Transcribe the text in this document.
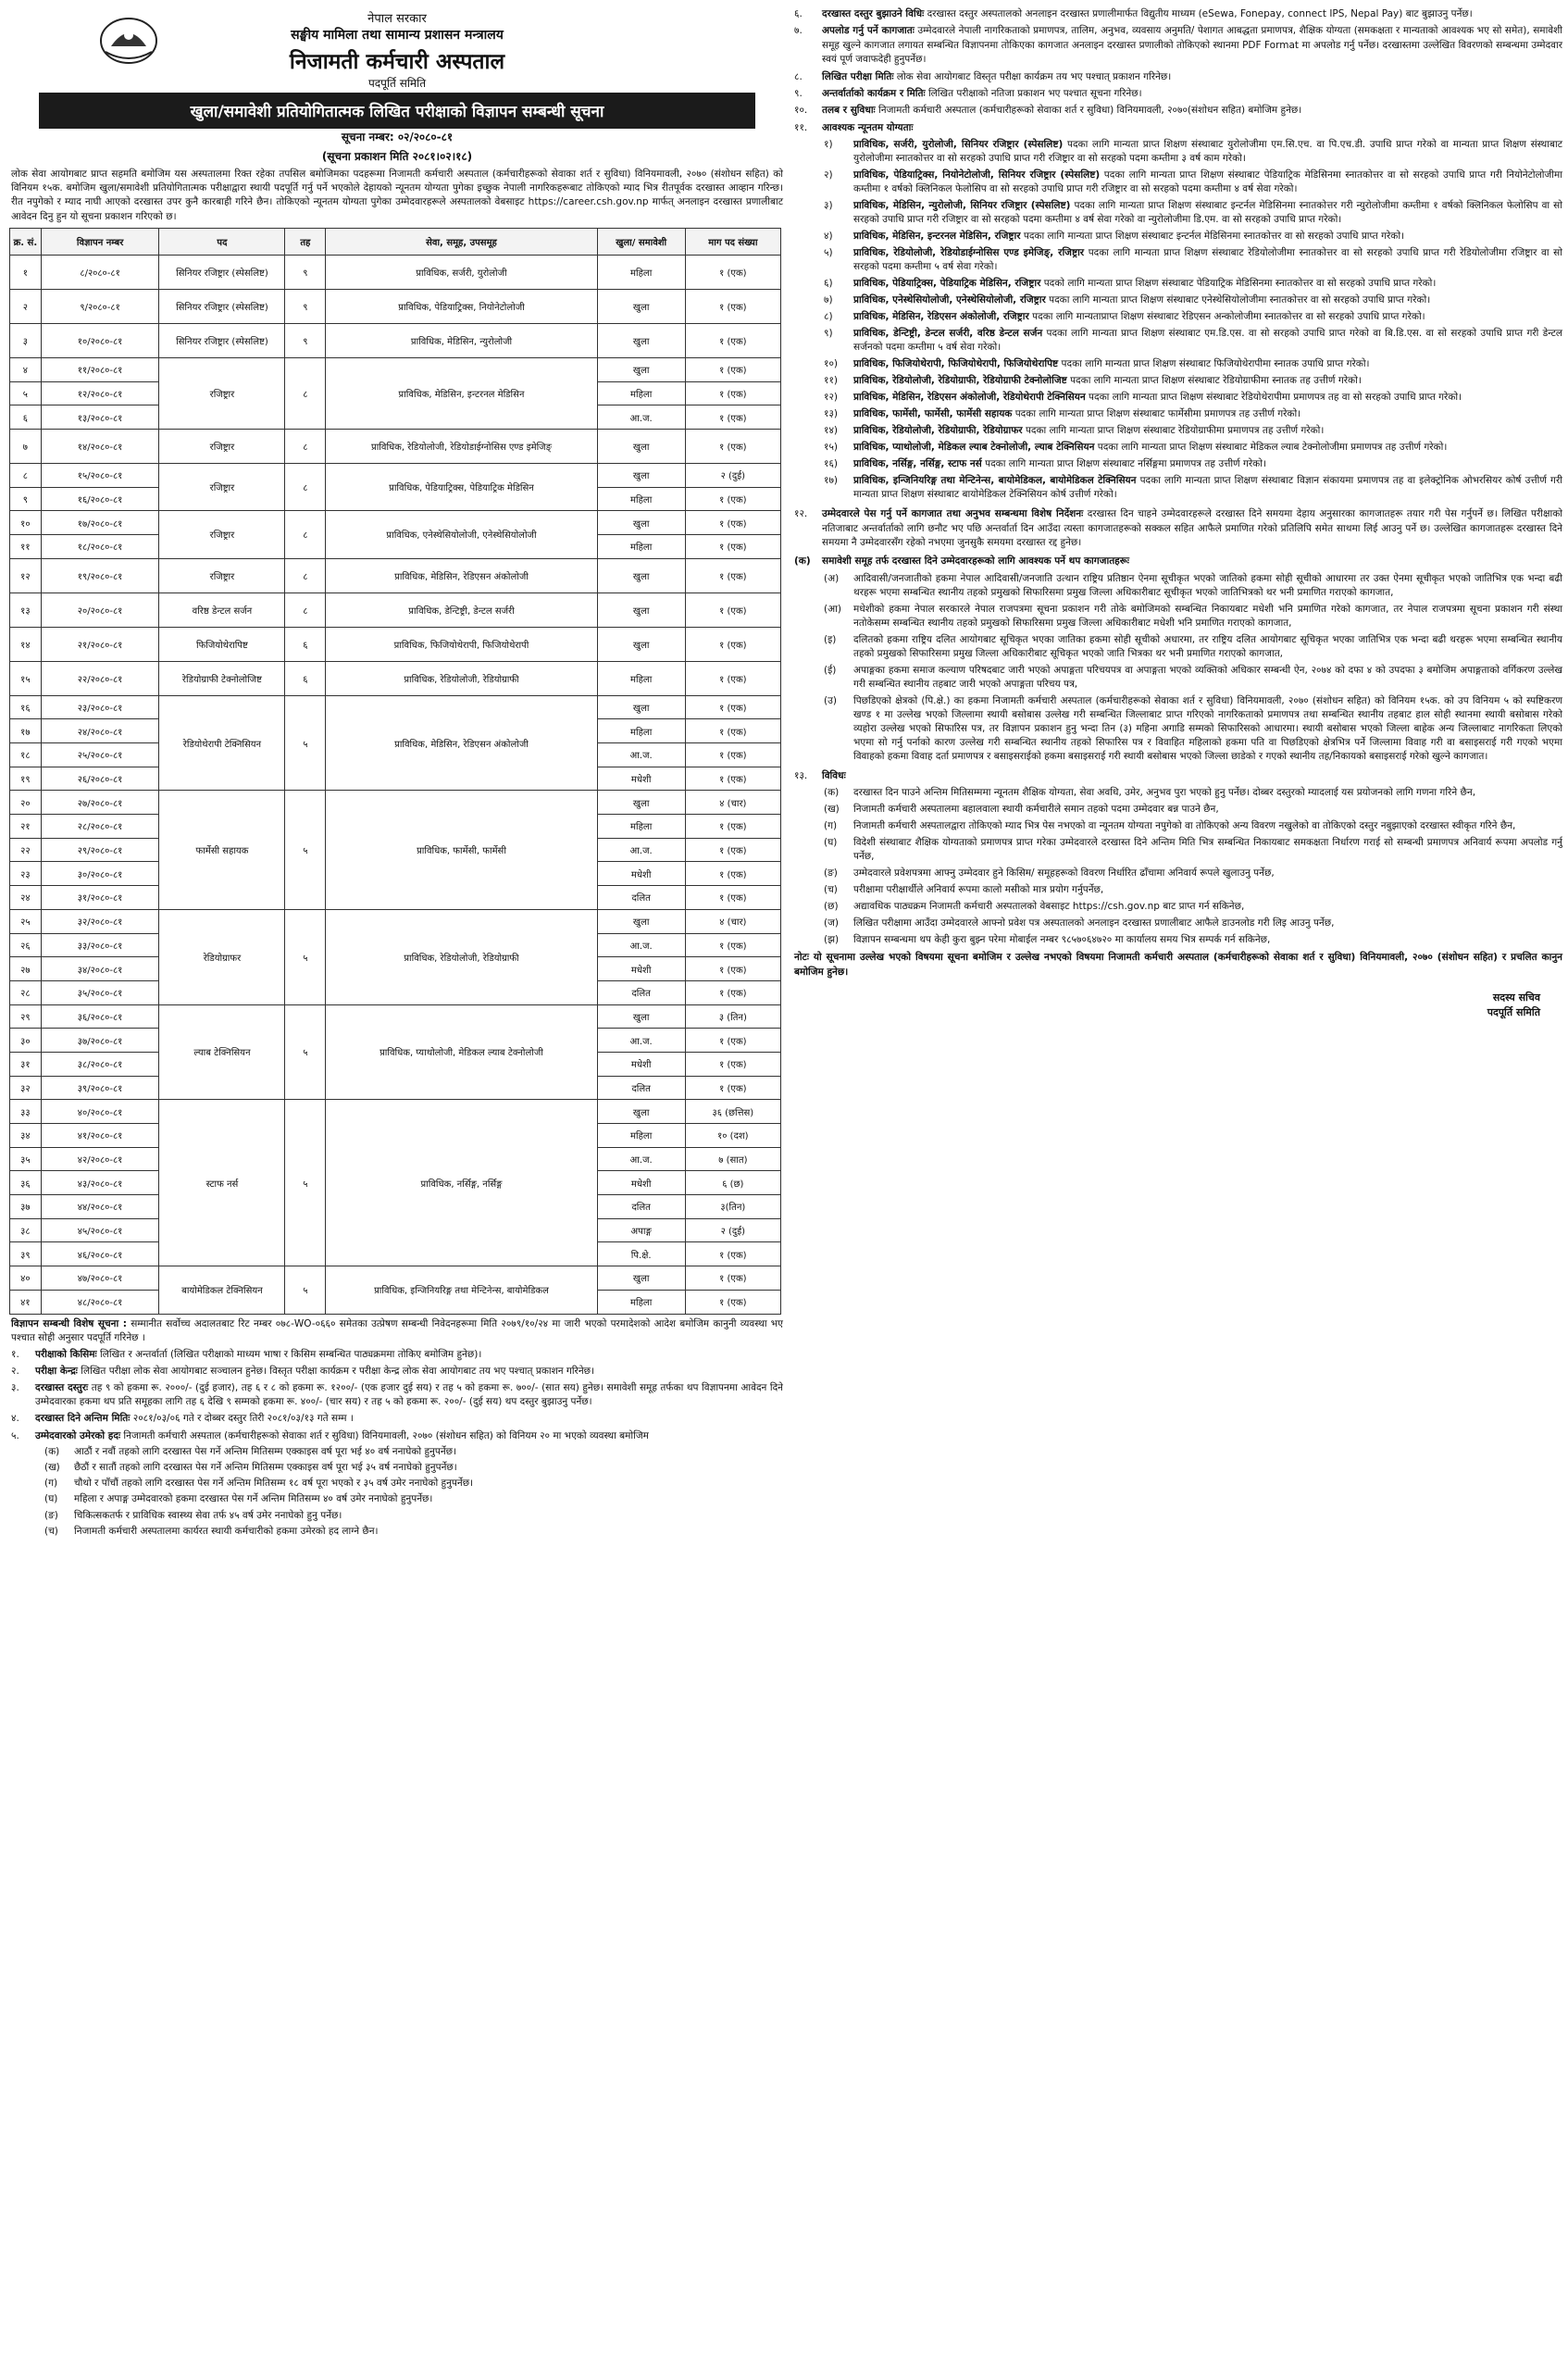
नेपाल सरकार
सङ्घीय मामिला तथा सामान्य प्रशासन मन्त्रालय
निजामती कर्मचारी अस्पताल
पदपूर्ति समिति
खुला/समावेशी प्रतियोगितात्मक लिखित परीक्षाको विज्ञापन सम्बन्धी सूचना
सूचना नम्बर: ०२/२०८०-८१
(सूचना प्रकाशन मिति २०८१।०२।१८)
लोक सेवा आयोगबाट प्राप्त सहमति बमोजिम यस अस्पतालमा रिक्त रहेका तपसिल बमोजिमका पदहरूमा निजामती कर्मचारी अस्पताल (कर्मचारीहरूको सेवाका शर्त र सुविधा) विनियमावली, २०७० (संशोधन सहित) को विनियम १५क. बमोजिम खुला/समावेशी प्रतियोगितात्मक परीक्षाद्वारा स्थायी पदपूर्ति गर्नु पर्ने भएकोले देहायको न्यूनतम योग्यता पुगेका इच्छुक नेपाली नागरिकहरूबाट तोकिएको म्याद भित्र रीतपूर्वक दरखास्त आव्हान गरिन्छ। रीत नपुगेको र म्याद नाघी आएको दरखास्त उपर कुनै कारबाही गरिने छैन। तोकिएको न्यूनतम योग्यता पुगेका उम्मेदवारहरूले अस्पतालको वेबसाइट https://career.csh.gov.np मार्फत् अनलाइन दरखास्त प्रणालीबाट आवेदन दिनु हुन यो सूचना प्रकाशन गरिएको छ।
क्र. सं.	विज्ञापन नम्बर	पद	तह	सेवा, समूह, उपसमूह	खुला/ समावेशी	माग पद संख्या
१	८/२०८०-८१	सिनियर रजिष्ट्रार (स्पेसलिष्ट)	९	प्राविधिक, सर्जरी, युरोलोजी	महिला	१ (एक)
२	९/२०८०-८१	सिनियर रजिष्ट्रार (स्पेसलिष्ट)	९	प्राविधिक, पेडियाट्रिक्स, नियोनेटोलोजी	खुला	१ (एक)
३	१०/२०८०-८१	सिनियर रजिष्ट्रार (स्पेसलिष्ट)	९	प्राविधिक, मेडिसिन, न्युरोलोजी	खुला	१ (एक)
४	११/२०८०-८१	रजिष्ट्रार	८	प्राविधिक, मेडिसिन, इन्टरनल मेडिसिन	खुला	१ (एक)
५	१२/२०८०-८१				महिला	१ (एक)
६	१३/२०८०-८१				आ.ज.	१ (एक)
७	१४/२०८०-८१	रजिष्ट्रार	८	प्राविधिक, रेडियोलोजी, रेडियोडाईग्नोसिस एण्ड इमेजिङ्	खुला	१ (एक)
८	१५/२०८०-८१	रजिष्ट्रार	८	प्राविधिक, पेडियाट्रिक्स, पेडियाट्रिक मेडिसिन	खुला	२ (दुई)
९	१६/२०८०-८१				महिला	१ (एक)
१०	१७/२०८०-८१	रजिष्ट्रार	८	प्राविधिक, एनेस्थेसियोलोजी, एनेस्थेसियोलोजी	खुला	१ (एक)
११	१८/२०८०-८१				महिला	१ (एक)
१२	१९/२०८०-८१	रजिष्ट्रार	८	प्राविधिक, मेडिसिन, रेडिएसन अंकोलोजी	खुला	१ (एक)
१३	२०/२०८०-८१	वरिष्ठ डेन्टल सर्जन	८	प्राविधिक, डेन्टिष्ट्री, डेन्टल सर्जरी	खुला	१ (एक)
१४	२१/२०८०-८१	फिजियोथेरापिष्ट	६	प्राविधिक, फिजियोथेरापी, फिजियोथेरापी	खुला	१ (एक)
१५	२२/२०८०-८१	रेडियोग्राफी टेक्नोलोजिष्ट	६	प्राविधिक, रेडियोलोजी, रेडियोग्राफी	महिला	१ (एक)
१६	२३/२०८०-८१	रेडियोथेरापी टेक्निसियन	५	प्राविधिक, मेडिसिन, रेडिएसन अंकोलोजी	खुला	१ (एक)
१७	२४/२०८०-८१				महिला	१ (एक)
१८	२५/२०८०-८१				आ.ज.	१ (एक)
१९	२६/२०८०-८१				मधेशी	१ (एक)
२०	२७/२०८०-८१	फार्मेसी सहायक	५	प्राविधिक, फार्मेसी, फार्मेसी	खुला	४ (चार)
२१	२८/२०८०-८१				महिला	१ (एक)
२२	२९/२०८०-८१				आ.ज.	१ (एक)
२३	३०/२०८०-८१				मधेशी	१ (एक)
२४	३१/२०८०-८१				दलित	१ (एक)
२५	३२/२०८०-८१	रेडियोग्राफर	५	प्राविधिक, रेडियोलोजी, रेडियोग्राफी	खुला	४ (चार)
२६	३३/२०८०-८१				आ.ज.	१ (एक)
२७	३४/२०८०-८१				मधेशी	१ (एक)
२८	३५/२०८०-८१				दलित	१ (एक)
२९	३६/२०८०-८१	ल्याब टेक्निसियन	५	प्राविधिक, प्याथोलोजी, मेडिकल ल्याब टेक्नोलोजी	खुला	३ (तिन)
३०	३७/२०८०-८१				आ.ज.	१ (एक)
३१	३८/२०८०-८१				मधेशी	१ (एक)
३२	३९/२०८०-८१				दलित	१ (एक)
३३	४०/२०८०-८१	स्टाफ नर्स	५	प्राविधिक, नर्सिङ्ग, नर्सिङ्ग	खुला	३६ (छत्तिस)
३४	४१/२०८०-८१				महिला	१० (दश)
३५	४२/२०८०-८१				आ.ज.	७ (सात)
३६	४३/२०८०-८१				मधेशी	६ (छ)
३७	४४/२०८०-८१				दलित	३(तिन)
३८	४५/२०८०-८१				अपाङ्ग	२ (दुई)
३९	४६/२०८०-८१				पि.क्षे.	१ (एक)
४०	४७/२०८०-८१	बायोमेडिकल टेक्निसियन	५	प्राविधिक, इन्जिनियरिङ्ग तथा मेन्टिनेन्स, बायोमेडिकल	खुला	१ (एक)
४१	४८/२०८०-८१				महिला	१ (एक)
विज्ञापन सम्बन्धी विशेष सूचना : सम्मानीत सर्वोच्च अदालतबाट रिट नम्बर ०७८-WO-०६६० समेतका उत्प्रेषण सम्बन्धी निवेदनहरूमा मिति २०७९/१०/२४ मा जारी भएको परमादेशको आदेश बमोजिम कानुनी व्यवस्था भए पश्चात सोही अनुसार पदपूर्ति गरिनेछ ।
१.	परीक्षाको किसिमः लिखित र अन्तर्वार्ता (लिखित परीक्षाको माध्यम भाषा र किसिम सम्बन्धित पाठ्यक्रममा तोकिए बमोजिम हुनेछ)।
२.	परीक्षा केन्द्रः लिखित परीक्षा लोक सेवा आयोगबाट सञ्चालन हुनेछ। विस्तृत परीक्षा कार्यक्रम र परीक्षा केन्द्र लोक सेवा आयोगबाट तय भए पश्चात् प्रकाशन गरिनेछ।
३.	दरखास्त दस्तुरः तह ९ को हकमा रू. २०००/- (दुई हजार), तह ६ र ८ को हकमा रू. १२००/- (एक हजार दुई सय) र तह ५ को हकमा रू. ७००/- (सात सय) हुनेछ। समावेशी समूह तर्फका थप विज्ञापनमा आवेदन दिने उम्मेदवारका हकमा थप प्रति समूहका लागि तह ६ देखि ९ सम्मको हकमा रू. ४००/- (चार सय) र तह ५ को हकमा रू. २००/- (दुई सय) थप दस्तुर बुझाउनु पर्नेछ।
४.	दरखास्त दिने अन्तिम मितिः २०८१/०३/०६ गते र दोब्बर दस्तुर तिरी २०८१/०३/१३ गते सम्म ।
५.	उम्मेदवारको उमेरको हदः निजामती कर्मचारी अस्पताल (कर्मचारीहरूको सेवाका शर्त र सुविधा) विनियमावली, २०७० (संशोधन सहित) को विनियम २० मा भएको व्यवस्था बमोजिम
(क)	आठौं र नवौं तहको लागि दरखास्त पेस गर्ने अन्तिम मितिसम्म एक्काइस वर्ष पूरा भई ४० वर्ष ननाघेको हुनुपर्नेछ।
(ख)	छैठौं र सातौं तहको लागि दरखास्त पेस गर्ने अन्तिम मितिसम्म एक्काइस वर्ष पूरा भई ३५ वर्ष ननाघेको हुनुपर्नेछ।
(ग)	चौथो र पाँचौं तहको लागि दरखास्त पेस गर्ने अन्तिम मितिसम्म १८ वर्ष पूरा भएको र ३५ वर्ष उमेर ननाघेको हुनुपर्नेछ।
(घ)	महिला र अपाङ्ग उम्मेदवारको हकमा दरखास्त पेस गर्ने अन्तिम मितिसम्म ४० वर्ष उमेर ननाघेको हुनुपर्नेछ।
(ङ)	चिकित्सकतर्फ र प्राविधिक स्वास्थ्य सेवा तर्फ ४५ वर्ष उमेर ननाघेको हुनु पर्नेछ।
(च)	निजामती कर्मचारी अस्पतालमा कार्यरत स्थायी कर्मचारीको हकमा उमेरको हद लाग्ने छैन।
६.	दरखास्त दस्तुर बुझाउने विधिः दरखास्त दस्तुर अस्पतालको अनलाइन दरखास्त प्रणालीमार्फत विद्युतीय माध्यम (eSewa, Fonepay, connect IPS, Nepal Pay) बाट बुझाउनु पर्नेछ।
७.	अपलोड गर्नु पर्ने कागजातः उम्मेदवारले नेपाली नागरिकताको प्रमाणपत्र, तालिम, अनुभव, व्यवसाय अनुमति/ पेशागत आबद्धता प्रमाणपत्र, शैक्षिक योग्यता (समकक्षता र मान्यताको आवश्यक भए सो समेत), समावेशी समूह खुल्ने कागजात लगायत सम्बन्धित विज्ञापनमा तोकिएका कागजात अनलाइन दरखास्त प्रणालीको तोकिएको स्थानमा PDF Format मा अपलोड गर्नु पर्नेछ। दरखास्तमा उल्लेखित विवरणको सम्बन्धमा उम्मेदवार स्वयं पूर्ण जवाफदेही हुनुपर्नेछ।
८.	लिखित परीक्षा मितिः लोक सेवा आयोगबाट विस्तृत परीक्षा कार्यक्रम तय भए पश्चात् प्रकाशन गरिनेछ।
९.	अन्तर्वार्ताको कार्यक्रम र मितिः लिखित परीक्षाको नतिजा प्रकाशन भए पश्चात सूचना गरिनेछ।
१०.	तलब र सुविधाः निजामती कर्मचारी अस्पताल (कर्मचारीहरूको सेवाका शर्त र सुविधा) विनियमावली, २०७०(संशोधन सहित) बमोजिम हुनेछ।
११.	आवश्यक न्यूनतम योग्यताः
१)	प्राविधिक, सर्जरी, युरोलोजी, सिनियर रजिष्ट्रार (स्पेसलिष्ट) पदका लागि मान्यता प्राप्त शिक्षण संस्थाबाट युरोलोजीमा एम.सि.एच. वा पि.एच.डी. उपाधि प्राप्त गरेको वा मान्यता प्राप्त शिक्षण संस्थाबाट युरोलोजीमा स्नातकोत्तर वा सो सरहको उपाधि प्राप्त गरी रजिष्ट्रार वा सो सरहको पदमा कम्तीमा ३ वर्ष काम गरेको।
२)	प्राविधिक, पेडियाट्रिक्स, नियोनेटोलोजी, सिनियर रजिष्ट्रार (स्पेसलिष्ट) पदका लागि मान्यता प्राप्त शिक्षण संस्थाबाट पेडियाट्रिक मेडिसिनमा स्नातकोत्तर वा सो सरहको उपाधि प्राप्त गरी नियोनेटोलोजीमा कम्तीमा १ वर्षको क्लिनिकल फेलोसिप वा सो सरहको उपाधि प्राप्त गरी रजिष्ट्रार वा सो सरहको पदमा कम्तीमा ४ वर्ष सेवा गरेको।
३)	प्राविधिक, मेडिसिन, न्युरोलोजी, सिनियर रजिष्ट्रार (स्पेसलिष्ट) पदका लागि मान्यता प्राप्त शिक्षण संस्थाबाट इन्टर्नल मेडिसिनमा स्नातकोत्तर गरी न्युरोलोजीमा कम्तीमा १ वर्षको क्लिनिकल फेलोसिप वा सो सरहको उपाधि प्राप्त गरी रजिष्ट्रार वा सो सरहको पदमा कम्तीमा ४ वर्ष सेवा गरेको वा न्युरोलोजीमा डि.एम. वा सो सरहको उपाधि प्राप्त गरेको।
४)	प्राविधिक, मेडिसिन, इन्टरनल मेडिसिन, रजिष्ट्रार पदका लागि मान्यता प्राप्त शिक्षण संस्थाबाट इन्टर्नल मेडिसिनमा स्नातकोत्तर वा सो सरहको उपाधि प्राप्त गरेको।
५)	प्राविधिक, रेडियोलोजी, रेडियोडाईग्नोसिस एण्ड इमेजिङ्, रजिष्ट्रार पदका लागि मान्यता प्राप्त शिक्षण संस्थाबाट रेडियोलोजीमा स्नातकोत्तर वा सो सरहको उपाधि प्राप्त गरी रेडियोलोजीमा रजिष्ट्रार वा सो सरहको पदमा कम्तीमा ५ वर्ष सेवा गरेको।
६)	प्राविधिक, पेडियाट्रिक्स, पेडियाट्रिक मेडिसिन, रजिष्ट्रार पदको लागि मान्यता प्राप्त शिक्षण संस्थाबाट पेडियाट्रिक मेडिसिनमा स्नातकोत्तर वा सो सरहको उपाधि प्राप्त गरेको।
७)	प्राविधिक, एनेस्थेसियोलोजी, एनेस्थेसियोलोजी, रजिष्ट्रार पदका लागि मान्यता प्राप्त शिक्षण संस्थाबाट एनेस्थेसियोलोजीमा स्नातकोत्तर वा सो सरहको उपाधि प्राप्त गरेको।
८)	प्राविधिक, मेडिसिन, रेडिएसन अंकोलोजी, रजिष्ट्रार पदका लागि मान्यताप्राप्त शिक्षण संस्थाबाट रेडिएसन अन्कोलोजीमा स्नातकोत्तर वा सो सरहको उपाधि प्राप्त गरेको।
९)	प्राविधिक, डेन्टिष्ट्री, डेन्टल सर्जरी, वरिष्ठ डेन्टल सर्जन पदका लागि मान्यता प्राप्त शिक्षण संस्थाबाट एम.डि.एस. वा सो सरहको उपाधि प्राप्त गरेको वा बि.डि.एस. वा सो सरहको उपाधि प्राप्त गरी डेन्टल सर्जनको पदमा कम्तीमा ५ वर्ष सेवा गरेको।
१०)	प्राविधिक, फिजियोथेरापी, फिजियोथेरापी, फिजियोथेरापिष्ट पदका लागि मान्यता प्राप्त शिक्षण संस्थाबाट फिजियोथेरापीमा स्नातक उपाधि प्राप्त गरेको।
११)	प्राविधिक, रेडियोलोजी, रेडियोग्राफी, रेडियोग्राफी टेक्नोलोजिष्ट पदका लागि मान्यता प्राप्त शिक्षण संस्थाबाट रेडियोग्राफीमा स्नातक तह उत्तीर्ण गरेको।
१२)	प्राविधिक, मेडिसिन, रेडिएसन अंकोलोजी, रेडियोथेरापी टेक्निसियन पदका लागि मान्यता प्राप्त शिक्षण संस्थाबाट रेडियोथेरापीमा प्रमाणपत्र तह वा सो सरहको उपाधि प्राप्त गरेको।
१३)	प्राविधिक, फार्मेसी, फार्मेसी, फार्मेसी सहायक पदका लागि मान्यता प्राप्त शिक्षण संस्थाबाट फार्मेसीमा प्रमाणपत्र तह उत्तीर्ण गरेको।
१४)	प्राविधिक, रेडियोलोजी, रेडियोग्राफी, रेडियोग्राफर पदका लागि मान्यता प्राप्त शिक्षण संस्थाबाट रेडियोग्राफीमा प्रमाणपत्र तह उत्तीर्ण गरेको।
१५)	प्राविधिक, प्याथोलोजी, मेडिकल ल्याब टेक्नोलोजी, ल्याब टेक्निसियन पदका लागि मान्यता प्राप्त शिक्षण संस्थाबाट मेडिकल ल्याब टेक्नोलोजीमा प्रमाणपत्र तह उत्तीर्ण गरेको।
१६)	प्राविधिक, नर्सिङ्ग, नर्सिङ्ग, स्टाफ नर्स पदका लागि मान्यता प्राप्त शिक्षण संस्थाबाट नर्सिङ्गमा प्रमाणपत्र तह उत्तीर्ण गरेको।
१७)	प्राविधिक, इन्जिनियरिङ्ग तथा मेन्टिनेन्स, बायोमेडिकल, बायोमेडिकल टेक्निसियन पदका लागि मान्यता प्राप्त शिक्षण संस्थाबाट विज्ञान संकायमा प्रमाणपत्र तह वा इलेक्ट्रोनिक ओभरसियर कोर्ष उत्तीर्ण गरी मान्यता प्राप्त शिक्षण संस्थाबाट बायोमेडिकल टेक्निसियन कोर्ष उत्तीर्ण गरेको।
१२.	उम्मेदवारले पेस गर्नु पर्ने कागजात तथा अनुभव सम्बन्धमा विशेष निर्देशनः दरखास्त दिन चाहने उम्मेदवारहरूले दरखास्त दिने समयमा देहाय अनुसारका कागजातहरू तयार गरी पेस गर्नुपर्ने छ। लिखित परीक्षाको नतिजाबाट अन्तर्वार्ताको लागि छनौट भए पछि अन्तर्वार्ता दिन आउँदा त्यस्ता कागजातहरूको सक्कल सहित आफैले प्रमाणित गरेको प्रतिलिपि समेत साथमा लिई आउनु पर्ने छ। उल्लेखित कागजातहरू दरखास्त दिने समयमा नै उम्मेदवारसँग रहेको नभएमा जुनसुकै समयमा दरखास्त रद्द हुनेछ।
(क)	समावेशी समूह तर्फ दरखास्त दिने उम्मेदवारहरूको लागि आवश्यक पर्ने थप कागजातहरूः
(अ)	आदिवासी/जनजातीको हकमा नेपाल आदिवासी/जनजाति उत्थान राष्ट्रिय प्रतिष्ठान ऐनमा सूचीकृत भएको जातिको हकमा सोही सूचीको आधारमा तर उक्त ऐनमा सूचीकृत भएको जातिभित्र एक भन्दा बढी थरहरू भएमा सम्बन्धित स्थानीय तहको प्रमुखको सिफारिसमा प्रमुख जिल्ला अधिकारीबाट सूचीकृत भएको जातिभित्रको थर भनी प्रमाणित गराएको कागजात,
(आ)	मधेशीको हकमा नेपाल सरकारले नेपाल राजपत्रमा सूचना प्रकाशन गरी तोके बमोजिमको सम्बन्धित निकायबाट मधेशी भनि प्रमाणित गरेको कागजात, तर नेपाल राजपत्रमा सूचना प्रकाशन गरी संस्था नतोकेसम्म सम्बन्धित स्थानीय तहको प्रमुखको सिफारिसमा प्रमुख जिल्ला अधिकारीबाट मधेशी भनि प्रमाणित गराएको कागजात,
(इ)	दलितको हकमा राष्ट्रिय दलित आयोगबाट सूचिकृत भएका जातिका हकमा सोही सूचीको अधारमा, तर राष्ट्रिय दलित आयोगबाट सूचिकृत भएका जातिभित्र एक भन्दा बढी थरहरू भएमा सम्बन्धित स्थानीय तहको प्रमुखको सिफारिसमा प्रमुख जिल्ला अधिकारीबाट सूचिकृत भएको जाति भित्रका थर भनी प्रमाणित गराएको कागजात,
(ई)	अपाङ्गका हकमा समाज कल्याण परिषदबाट जारी भएको अपाङ्गता परिचयपत्र वा अपाङ्गता भएको व्यक्तिको अधिकार सम्बन्धी ऐन, २०७४ को दफा ४ को उपदफा ३ बमोजिम अपाङ्गताको वर्गिकरण उल्लेख गरी सम्बन्धित स्थानीय तहबाट जारी भएको अपाङ्गता परिचय पत्र,
(उ)	पिछडिएको क्षेत्रको (पि.क्षे.) का हकमा निजामती कर्मचारी अस्पताल (कर्मचारीहरूको सेवाका शर्त र सुविधा) विनियमावली, २०७० (संशोधन सहित) को विनियम १५क. को उप विनियम ५ को स्पष्टिकरण खण्ड १ मा उल्लेख भएको जिल्लामा स्थायी बसोबास उल्लेख गरी सम्बन्धित जिल्लाबाट प्राप्त गरिएको नागरिकताको प्रमाणपत्र तथा सम्बन्धित स्थानीय तहबाट हाल सोही स्थानमा स्थायी बसोबास गरेको व्यहोरा उल्लेख भएको सिफारिस पत्र, तर विज्ञापन प्रकाशन हुनु भन्दा तिन (३) महिना अगाडि सम्मको सिफारिसको आधारमा। स्थायी बसोबास भएको जिल्ला बाहेक अन्य जिल्लाबाट नागरिकता लिएको भएमा सो गर्नु पर्नाको कारण उल्लेख गरी सम्बन्धित स्थानीय तहको सिफारिस पत्र र विवाहित महिलाको हकमा पति वा पिछडिएको क्षेत्रभित्र पर्ने जिल्लामा विवाह गरी वा बसाइसराई गरी गएको भएमा विवाहको हकमा विवाह दर्ता प्रमाणपत्र र बसाइसराईको हकमा बसाइसराई गरी स्थायी बसोबास भएको जिल्ला छाडेको र गएको स्थानीय तह/निकायको बसाइसराई गरेको खुल्ने कागजात।
१३.	विविधः
(क)	दरखास्त दिन पाउने अन्तिम मितिसम्ममा न्यूनतम शैक्षिक योग्यता, सेवा अवधि, उमेर, अनुभव पुरा भएको हुनु पर्नेछ। दोब्बर दस्तुरको म्यादलाई यस प्रयोजनको लागि गणना गरिने छैन,
(ख)	निजामती कर्मचारी अस्पतालमा बहालवाला स्थायी कर्मचारीले समान तहको पदमा उम्मेदवार बन्न पाउने छैन,
(ग)	निजामती कर्मचारी अस्पतालद्वारा तोकिएको म्याद भित्र पेस नभएको वा न्यूनतम योग्यता नपुगेको वा तोकिएको अन्य विवरण नखुलेको वा तोकिएको दस्तुर नबुझाएको दरखास्त स्वीकृत गरिने छैन,
(घ)	विदेशी संस्थाबाट शैक्षिक योग्यताको प्रमाणपत्र प्राप्त गरेका उम्मेदवारले दरखास्त दिने अन्तिम मिति भित्र सम्बन्धित निकायबाट समकक्षता निर्धारण गराई सो सम्बन्धी प्रमाणपत्र अनिवार्य रूपमा अपलोड गर्नु पर्नेछ,
(ङ)	उम्मेदवारले प्रवेशपत्रमा आफ्नु उम्मेदवार हुने किसिम/ समूहहरूको विवरण निर्धारित ढाँचामा अनिवार्य रूपले खुलाउनु पर्नेछ,
(च)	परीक्षामा परीक्षार्थीले अनिवार्य रूपमा कालो मसीको मात्र प्रयोग गर्नुपर्नेछ,
(छ)	अद्यावधिक पाठ्यक्रम निजामती कर्मचारी अस्पतालको वेबसाइट https://csh.gov.np बाट प्राप्त गर्न सकिनेछ,
(ज)	लिखित परीक्षामा आउँदा उम्मेदवारले आफ्नो प्रवेश पत्र अस्पतालको अनलाइन दरखास्त प्रणालीबाट आफैले डाउनलोड गरी लिइ आउनु पर्नेछ,
(झ)	विज्ञापन सम्बन्धमा थप केही कुरा बुझ्न परेमा मोबाईल नम्बर ९८५७०६४७२० मा कार्यालय समय भित्र सम्पर्क गर्न सकिनेछ,
नोटः यो सूचनामा उल्लेख भएको विषयमा सूचना बमोजिम र उल्लेख नभएको विषयमा निजामती कर्मचारी अस्पताल (कर्मचारीहरूको सेवाका शर्त र सुविधा) विनियमावली, २०७० (संशोधन सहित) र प्रचलित कानुन बमोजिम हुनेछ।
सदस्य सचिव
पदपूर्ति समिति
